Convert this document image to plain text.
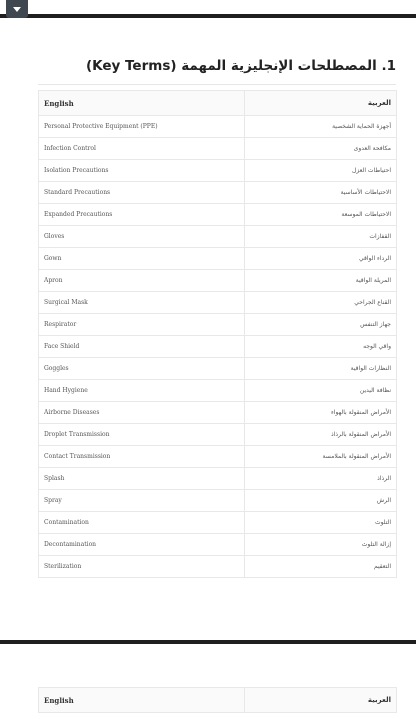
1. المصطلحات الإنجليزية المهمة (Key Terms)
English	العربية
Personal Protective Equipment (PPE)	أجهزة الحماية الشخصية
Infection Control	مكافحة العدوى
Isolation Precautions	احتياطات العزل
Standard Precautions	الاحتياطات الأساسية
Expanded Precautions	الاحتياطات الموسعة
Gloves	القفازات
Gown	الرداء الواقي
Apron	المريلة الواقية
Surgical Mask	القناع الجراحي
Respirator	جهاز التنفس
Face Shield	واقي الوجه
Goggles	النظارات الواقية
Hand Hygiene	نظافة اليدين
Airborne Diseases	الأمراض المنقولة بالهواء
Droplet Transmission	الأمراض المنقولة بالرذاذ
Contact Transmission	الأمراض المنقولة بالملامسة
Splash	الرذاذ
Spray	الرش
Contamination	التلوث
Decontamination	إزالة التلوث
Sterilization	التعقيم
English	العربية
